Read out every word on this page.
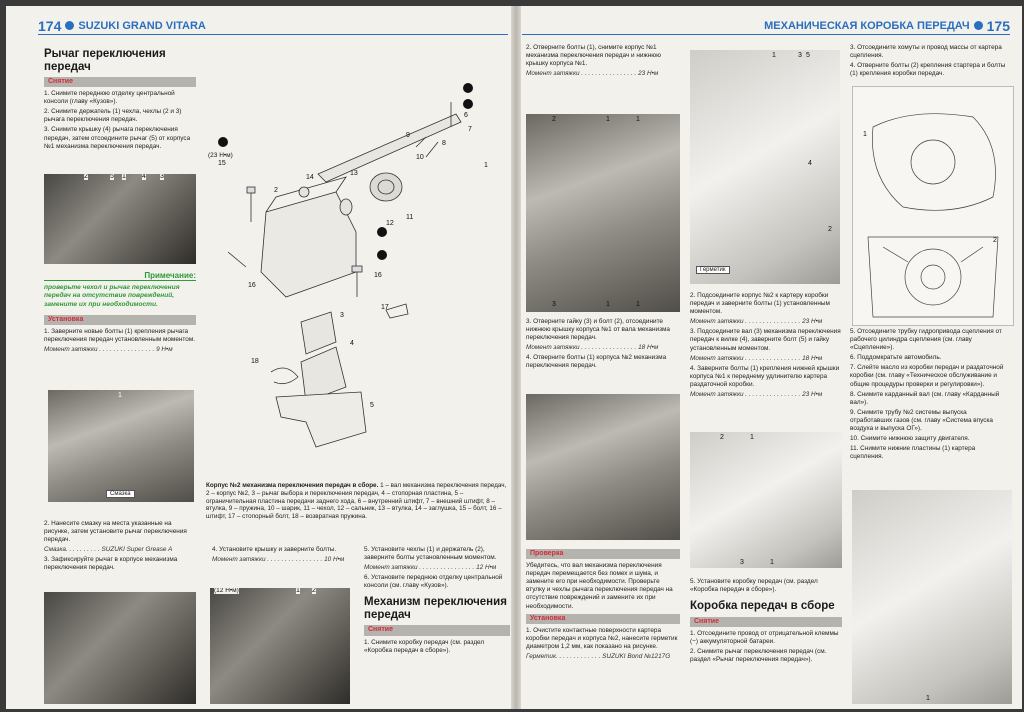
174 SUZUKI GRAND VITARA
Рычаг переключения передач
Снятие

1. Снимите переднюю отделку центральной консоли (главу «Кузов»).

2. Снимите держатель (1) чехла, чехлы (2 и 3) рычага переключения передач.

3. Снимите крышку (4) рычага переключения передач, затем отсоедините рычаг (5) от корпуса №1 механизма переключения передач.

2	5 1 4 3
Примечание:
проверьте чехол и рычаг переключения передач на отсутствие повреждений, замените их при необходимости.
Установка

1. Заверните новые болты (1) крепления рычага переключения передач установленным моментом.

Момент затяжки . . . . . . . . . . . . . . . . 9 Н•м

1
Смазка

2. Нанесите смазку на места указанные на рисунке, затем установите рычаг переключения передач.

Смазка. . . . . . . . . . SUZUKI Super Grease A

3. Зафиксируйте рычаг в корпусе механизма переключения передач.

(23 Н•м)
15
2
14
13
6
9
10
8
7
1
11
12
16
16
17
3
4
18
5
Корпус №2 механизма переключения передач в сборе. 1 – вал механизма переключения передач, 2 – корпус №2, 3 – рычаг выбора и переключения передач, 4 – стопорная пластина, 5 – ограничительная пластина передачи заднего хода, 6 – внутренний штифт, 7 – внешний штифт, 8 – втулка, 9 – пружина, 10 – шарик, 11 – чехол, 12 – сальник, 13 – втулка, 14 – заглушка, 15 – болт, 16 – штифт, 17 – стопорный болт, 18 – возвратная пружина.

4. Установите крышку и заверните болты.

Момент затяжки . . . . . . . . . . . . . . . . 10 Н•м

(12 Н•м)	1 2

5. Установите чехлы (1) и держатель (2), заверните болты установленным моментом.

Момент затяжки . . . . . . . . . . . . . . . . 12 Н•м

6. Установите переднюю отделку центральной консоли (см. главу «Кузов»).

Механизм переключения передач
Снятие

1. Снимите коробку передач (см. раздел «Коробка передач в сборе»).

МЕХАНИЧЕСКАЯ КОРОБКА ПЕРЕДАЧ 175

2. Отверните болты (1), снимите корпус №1 механизма переключения передач и нижнюю крышку корпуса №1.

Момент затяжки . . . . . . . . . . . . . . . . 23 Н•м

2	1	1
3	1	1

3. Отверните гайку (3) и болт (2), отсоедините нижнюю крышку корпуса №1 от вала механизма переключения передач.

Момент затяжки . . . . . . . . . . . . . . . . 18 Н•м

4. Отверните болты (1) корпуса №2 механизма переключения передач.

Проверка

Убедитесь, что вал механизма переключения передач перемещается без помех и шума, и замените его при необходимости. Проверьте втулку и чехлы рычага переключения передач на отсутствие повреждений и замените их при необходимости.

Установка

1. Очистите контактные поверхности картера коробки передач и корпуса №2, нанесите герметик диаметром 1,2 мм, как показано на рисунке.

Герметик. . . . . . . . . . . . . SUZUKI Bond №1217G

1	3 5
4
2
Герметик

2. Подсоедините корпус №2 к картеру коробки передач и заверните болты (1) установленным моментом.

Момент затяжки . . . . . . . . . . . . . . . . 23 Н•м

3. Подсоедините вал (3) механизма переключения передач к вилке (4), заверните болт (5) и гайку установленным моментом.

Момент затяжки . . . . . . . . . . . . . . . . 18 Н•м

4. Заверните болты (1) крепления нижней крышки корпуса №1 к переднему удлинителю картера раздаточной коробки.

Момент затяжки . . . . . . . . . . . . . . . . 23 Н•м

2	1
3	1

5. Установите коробку передач (см. раздел «Коробка передач в сборе»).

Коробка передач в сборе
Снятие

1. Отсоедините провод от отрицательной клеммы (−) аккумуляторной батареи.

2. Снимите рычаг переключения передач (см. раздел «Рычаг переключения передач»).

3. Отсоедините хомуты и провод массы от картера сцепления.

4. Отверните болты (2) крепления стартера и болты (1) крепления коробки передач.

1
2

5. Отсоедините трубку гидропривода сцепления от рабочего цилиндра сцепления (см. главу «Сцепление»).

6. Поддомкратьте автомобиль.

7. Слейте масло из коробки передач и раздаточной коробки (см. главу «Техническое обслуживание и общие процедуры проверки и регулировки»).

8. Снимите карданный вал (см. главу «Карданный вал»).

9. Снимите трубу №2 системы выпуска отработавших газов (см. главу «Система впуска воздуха и выпуска ОГ»).

10. Снимите нижнюю защиту двигателя.

11. Снимите нижние пластины (1) картера сцепления.

1
